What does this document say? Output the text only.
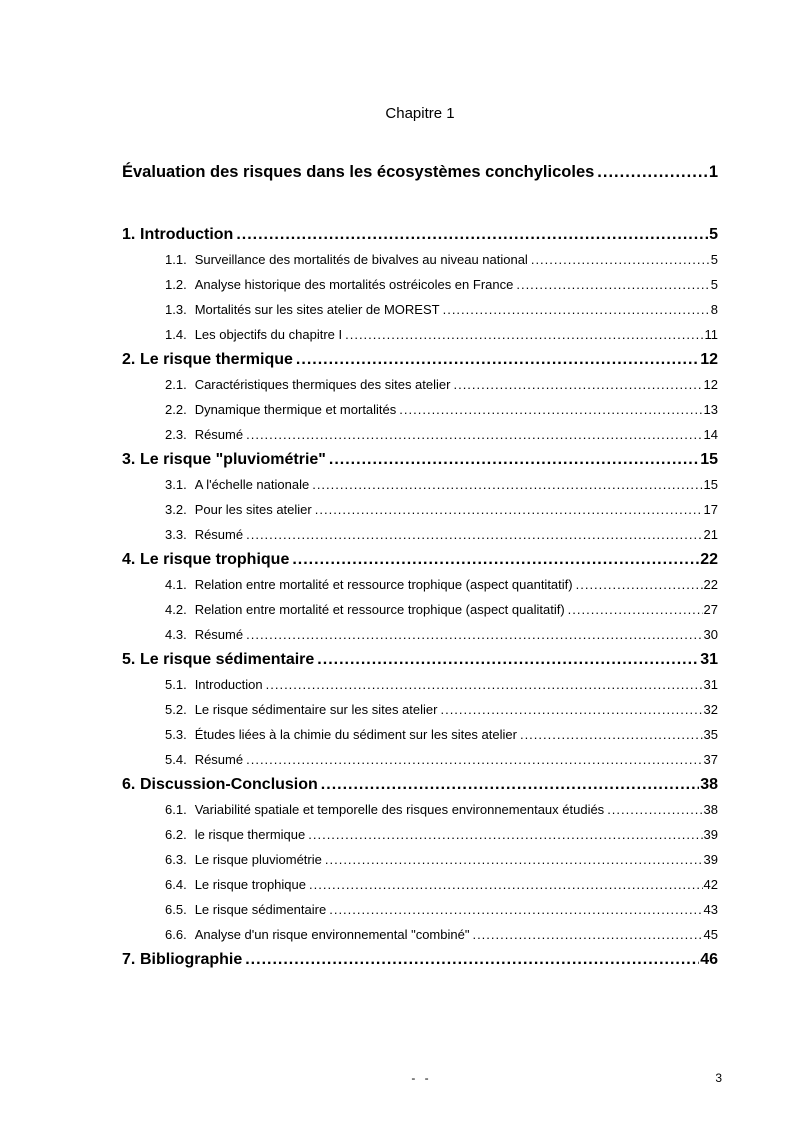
Chapitre 1
Évaluation des risques dans les écosystèmes conchylicoles .....	1
1. Introduction .....	5
1.1. Surveillance des mortalités de bivalves au niveau national .....	5
1.2. Analyse historique des mortalités ostréicoles en France .....	5
1.3. Mortalités sur les sites atelier de MOREST .....	8
1.4. Les objectifs du chapitre I .....	11
2. Le risque thermique .....	12
2.1. Caractéristiques thermiques des sites atelier .....	12
2.2. Dynamique thermique et mortalités .....	13
2.3. Résumé .....	14
3. Le risque "pluviométrie" .....	15
3.1. A l'échelle nationale .....	15
3.2. Pour les sites atelier .....	17
3.3. Résumé .....	21
4. Le risque trophique .....	22
4.1. Relation entre mortalité et ressource trophique (aspect quantitatif) .....	22
4.2. Relation entre mortalité et ressource trophique (aspect qualitatif) .....	27
4.3. Résumé .....	30
5. Le risque sédimentaire .....	31
5.1. Introduction .....	31
5.2. Le risque sédimentaire sur les sites atelier .....	32
5.3. Études liées à la chimie du sédiment sur les sites atelier .....	35
5.4. Résumé .....	37
6. Discussion-Conclusion .....	38
6.1. Variabilité spatiale et temporelle des risques environnementaux étudiés .....	38
6.2. le risque thermique .....	39
6.3. Le risque pluviométrie .....	39
6.4. Le risque trophique .....	42
6.5. Le risque sédimentaire .....	43
6.6. Analyse d'un risque environnemental "combiné" .....	45
7. Bibliographie .....	46
- -	3
